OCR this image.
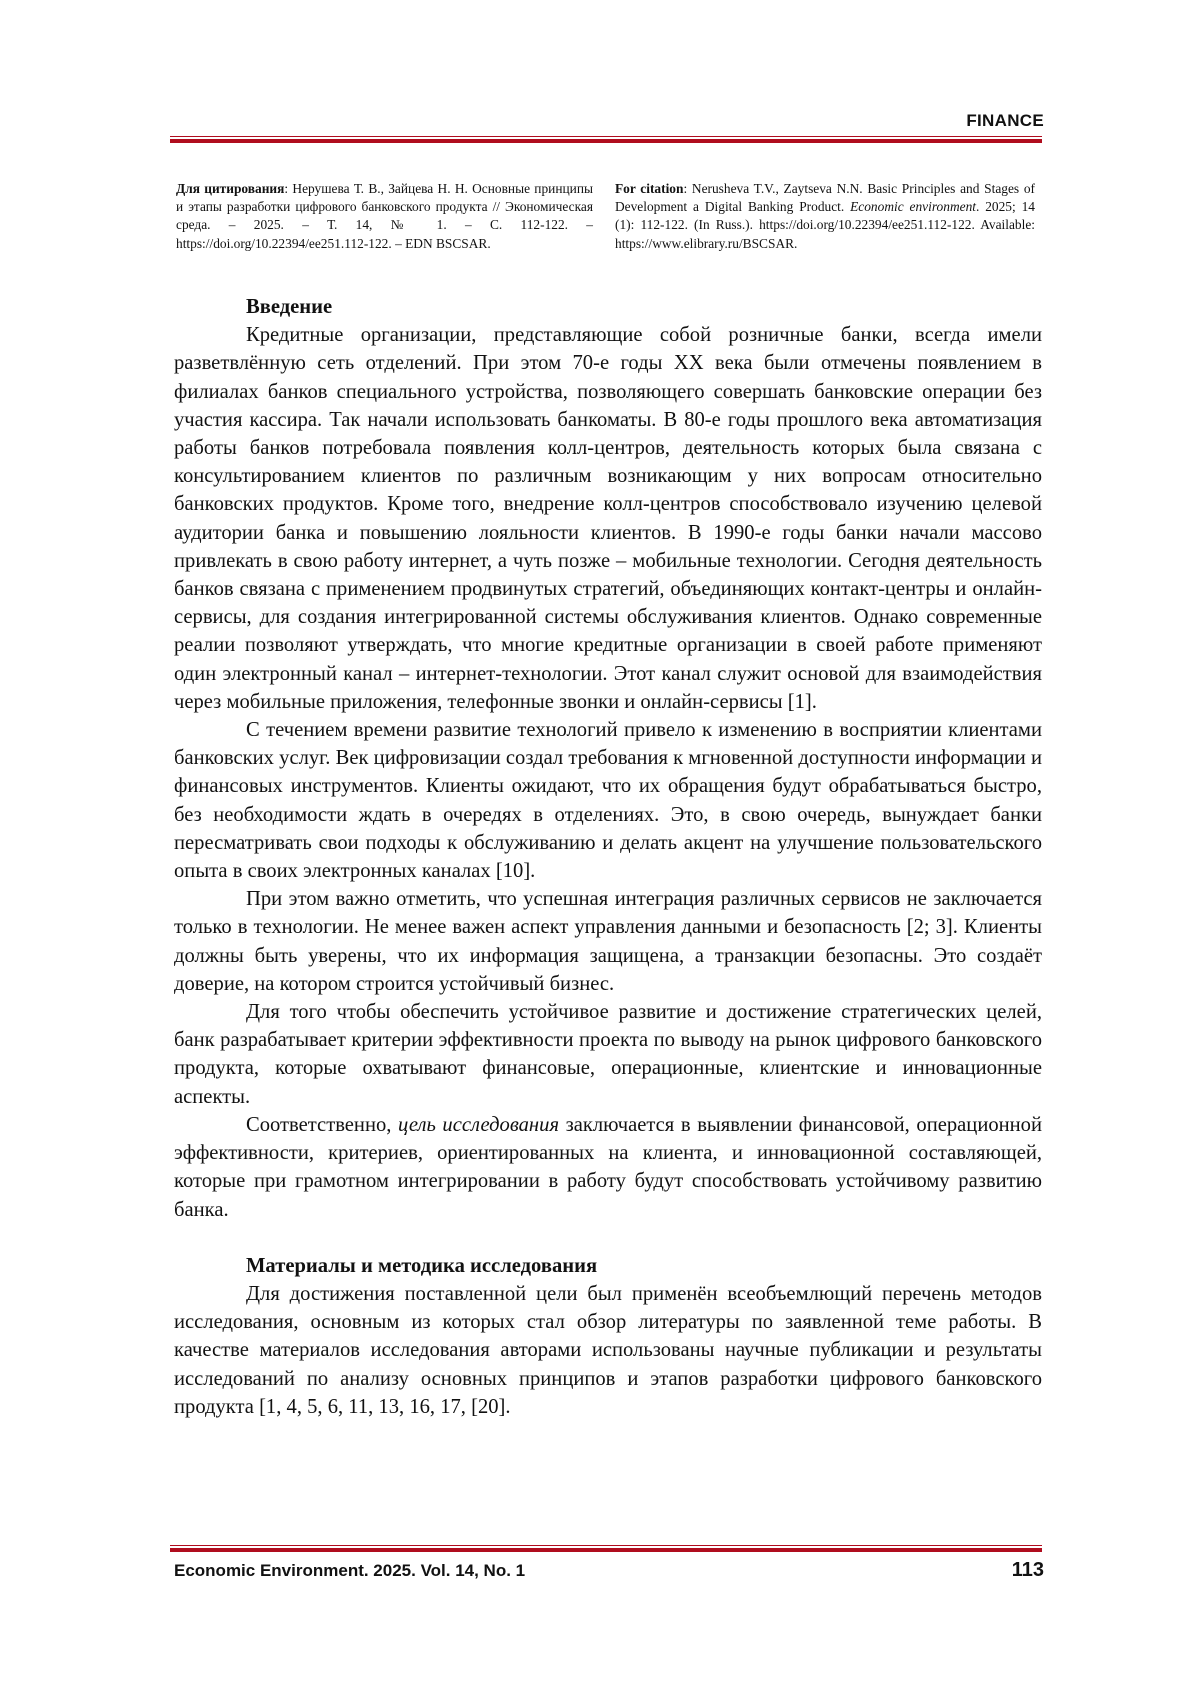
FINANCE
Для цитирования: Нерушева Т. В., Зайцева Н. Н. Основные принципы и этапы разработки цифрового банковского продукта // Экономическая среда. – 2025. – Т. 14, № 1. – С. 112-122. – https://doi.org/10.22394/ee251.112-122. – EDN BSCSAR.
For citation: Nerusheva T.V., Zaytseva N.N. Basic Principles and Stages of Development a Digital Banking Product. Economic environment. 2025; 14 (1): 112-122. (In Russ.). https://doi.org/10.22394/ee251.112-122. Available: https://www.elibrary.ru/BSCSAR.
Введение

Кредитные организации, представляющие собой розничные банки, всегда имели разветвлённую сеть отделений. При этом 70-е годы XX века были отмечены появлением в филиалах банков специального устройства, позволяющего совершать банковские операции без участия кассира. Так начали использовать банкоматы. В 80-е годы прошлого века автоматизация работы банков потребовала появления колл-центров, деятельность которых была связана с консультированием клиентов по различным возникающим у них вопросам относительно банковских продуктов. Кроме того, внедрение колл-центров способствовало изучению целевой аудитории банка и повышению лояльности клиентов. В 1990-е годы банки начали массово привлекать в свою работу интернет, а чуть позже – мобильные технологии. Сегодня деятельность банков связана с применением продвинутых стратегий, объединяющих контакт-центры и онлайн-сервисы, для создания интегрированной системы обслуживания клиентов. Однако современные реалии позволяют утверждать, что многие кредитные организации в своей работе применяют один электронный канал – интернет-технологии. Этот канал служит основой для взаимодействия через мобильные приложения, телефонные звонки и онлайн-сервисы [1].

С течением времени развитие технологий привело к изменению в восприятии клиентами банковских услуг. Век цифровизации создал требования к мгновенной доступности информации и финансовых инструментов. Клиенты ожидают, что их обращения будут обрабатываться быстро, без необходимости ждать в очередях в отделениях. Это, в свою очередь, вынуждает банки пересматривать свои подходы к обслуживанию и делать акцент на улучшение пользовательского опыта в своих электронных каналах [10].

При этом важно отметить, что успешная интеграция различных сервисов не заключается только в технологии. Не менее важен аспект управления данными и безопасность [2; 3]. Клиенты должны быть уверены, что их информация защищена, а транзакции безопасны. Это создаёт доверие, на котором строится устойчивый бизнес.

Для того чтобы обеспечить устойчивое развитие и достижение стратегических целей, банк разрабатывает критерии эффективности проекта по выводу на рынок цифрового банковского продукта, которые охватывают финансовые, операционные, клиентские и инновационные аспекты.

Соответственно, цель исследования заключается в выявлении финансовой, операционной эффективности, критериев, ориентированных на клиента, и инновационной составляющей, которые при грамотном интегрировании в работу будут способствовать устойчивому развитию банка.

Материалы и методика исследования

Для достижения поставленной цели был применён всеобъемлющий перечень методов исследования, основным из которых стал обзор литературы по заявленной теме работы. В качестве материалов исследования авторами использованы научные публикации и результаты исследований по анализу основных принципов и этапов разработки цифрового банковского продукта [1, 4, 5, 6, 11, 13, 16, 17, [20].

Economic Environment. 2025. Vol. 14, No. 1	113
